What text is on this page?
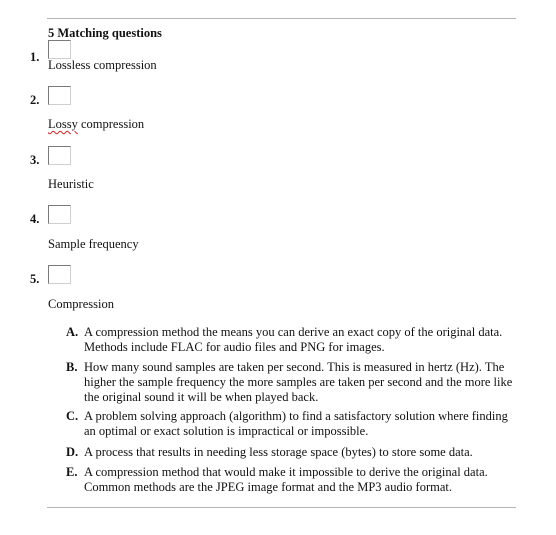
5 Matching questions
1.
Lossless compression
2.
Lossy compression
3.
Heuristic
4.
Sample frequency
5.
Compression
A. A compression method the means you can derive an exact copy of the original data. Methods include FLAC for audio files and PNG for images.
B. How many sound samples are taken per second. This is measured in hertz (Hz). The higher the sample frequency the more samples are taken per second and the more like the original sound it will be when played back.
C. A problem solving approach (algorithm) to find a satisfactory solution where finding an optimal or exact solution is impractical or impossible.
D. A process that results in needing less storage space (bytes) to store some data.
E. A compression method that would make it impossible to derive the original data. Common methods are the JPEG image format and the MP3 audio format.
